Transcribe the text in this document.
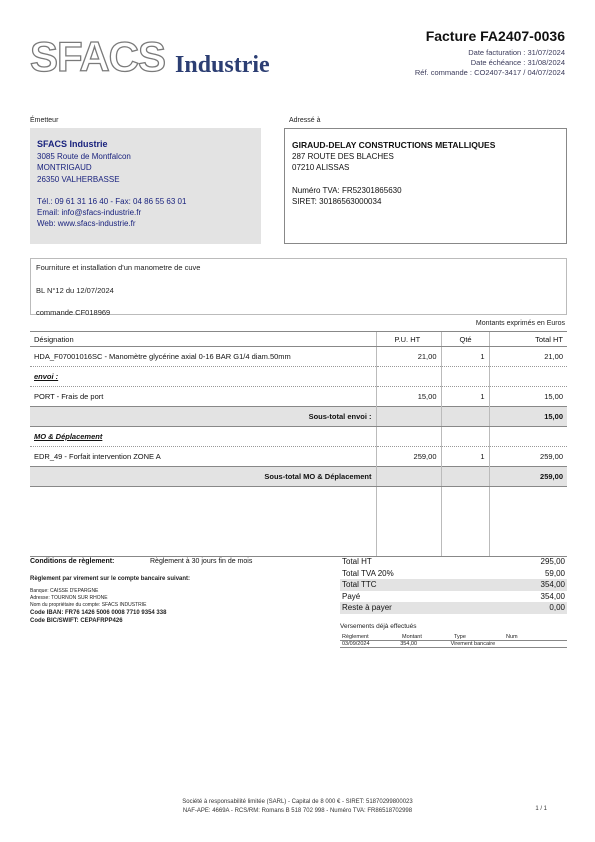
SFACS Industrie
Facture FA2407-0036
Date facturation : 31/07/2024
Date échéance : 31/08/2024
Réf. commande : CO2407-3417 / 04/07/2024
Émetteur	Adressé à
SFACS Industrie
3085 Route de Montfalcon
MONTRIGAUD
26350 VALHERBASSE
Tél.: 09 61 31 16 40 - Fax: 04 86 55 63 01
Email: info@sfacs-industrie.fr
Web: www.sfacs-industrie.fr
GIRAUD-DELAY CONSTRUCTIONS METALLIQUES
287 ROUTE DES BLACHES
07210 ALISSAS
Numéro TVA: FR52301865630
SIRET: 30186563000034
Fourniture et installation d'un manometre de cuve
BL N°12 du 12/07/2024
commande CF018969
Montants exprimés en Euros
Désignation	P.U. HT	Qté	Total HT
HDA_F07001016SC - Manomètre glycérine axial 0-16 BAR G1/4 diam.50mm	21,00	1	21,00
envoi :			
PORT - Frais de port	15,00	1	15,00
Sous-total envoi :			15,00
MO & Déplacement			
EDR_49 - Forfait intervention ZONE A	259,00	1	259,00
Sous-total MO & Déplacement			259,00

Conditions de règlement:	Règlement à 30 jours fin de mois
Règlement par virement sur le compte bancaire suivant:
Banque: CAISSE D'EPARGNE
Adresse: TOURNON SUR RHONE
Nom du propriétaire du compte: SFACS INDUSTRIE
Code IBAN: FR76 1426 5006 0008 7710 9354 338
Code BIC/SWIFT: CEPAFRPP426
Total HT	295,00
Total TVA 20%	59,00
Total TTC	354,00
Payé	354,00
Reste à payer	0,00
Versements déjà effectués
Règlement	Montant	Type	Num
03/09/2024	354,00	Virement bancaire
Société à responsabilité limitée (SARL) - Capital de 8 000 € - SIRET: 51870299800023
NAF-APE: 4669A - RCS/RM: Romans B 518 702 998 - Numéro TVA: FR86518702998	1 / 1
